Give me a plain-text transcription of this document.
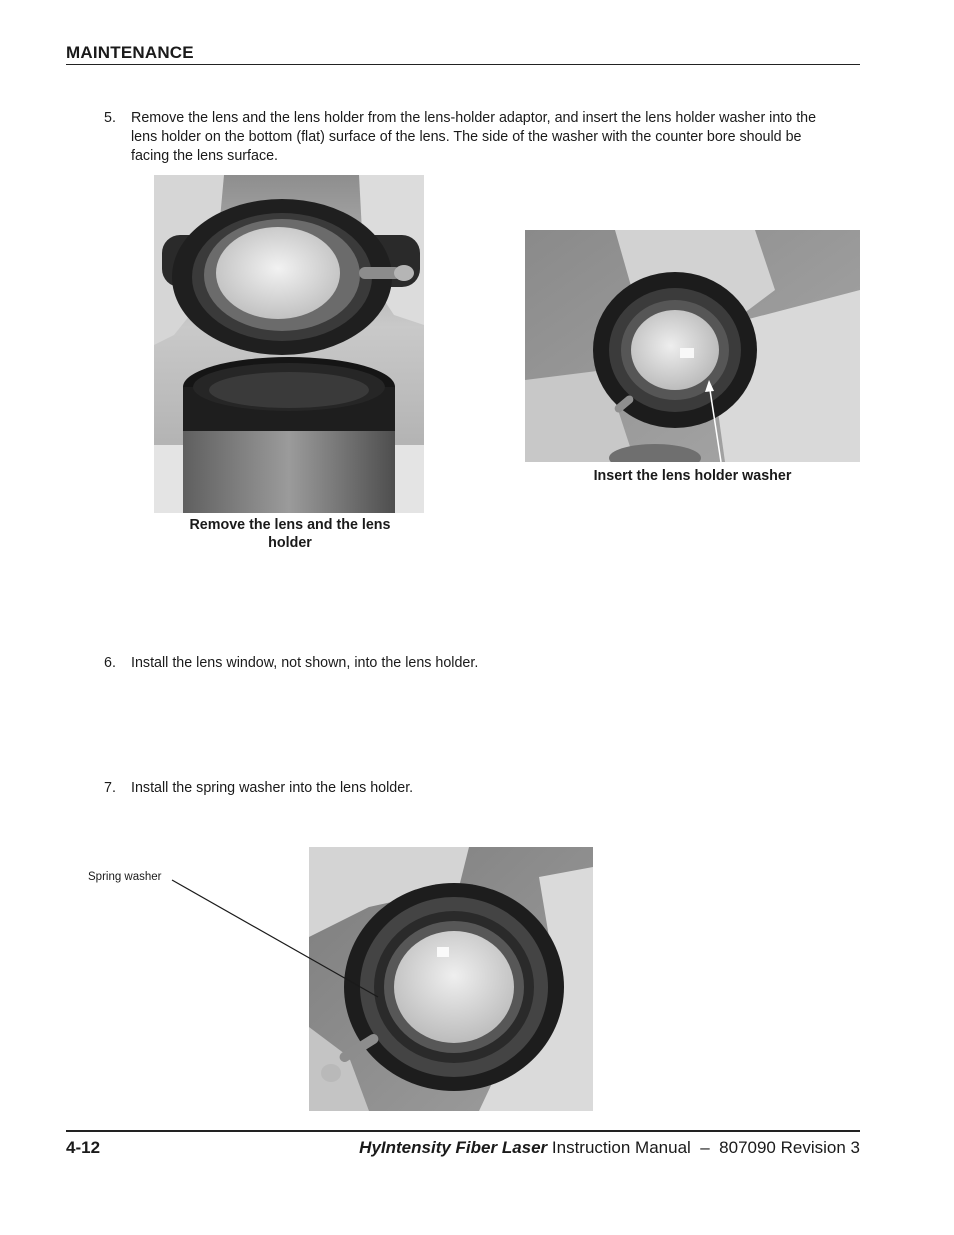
MAINTENANCE
5. Remove the lens and the lens holder from the lens-holder adaptor, and insert the lens holder washer into the
lens holder on the bottom (flat) surface of the lens. The side of the washer with the counter bore should be
facing the lens surface.
Remove the lens and the lens
holder
Insert the lens holder washer
6. Install the lens window, not shown, into the lens holder.
7. Install the spring washer into the lens holder.
Spring washer
4-12	HyIntensity Fiber Laser Instruction Manual  –  807090 Revision 3
